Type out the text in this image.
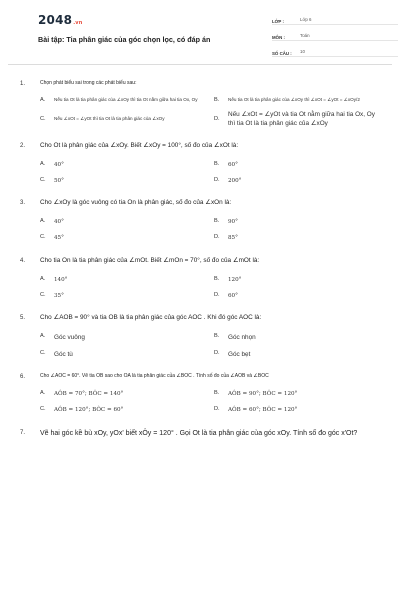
2048.vn
Bài tập: Tia phân giác của góc chọn lọc, có đáp án
LỚP :	Lớp 6
MÔN :	Toán
SỐ CÂU :	10
1.	Chọn phát biểu sai trong các phát biểu sau:
A.	Nếu tia Ot là tia phân giác của ∠xOy thì tia Ot nằm giữa hai tia Ox, Oy	B.	Nếu tia Ot là tia phân giác của ∠xOy thì ∠xOt = ∠yOt = ∠xOy/2
C.	Nếu ∠xOt = ∠yOt thì tia Ot là tia phân giác của ∠xOy	D.
Nếu ∠xOt = ∠yOt và tia Ot nằm giữa hai tia Ox, Oy thì tia Ot là tia phân giác của ∠xOy
2.	Cho Ot là phân giác của ∠xOy. Biết ∠xOy = 100°, số đo của ∠xOt là:
A.	40°	B.	60°
C.	50°	D.	200°
3.	Cho ∠xOy là góc vuông có tia On là phân giác, số đo của ∠xOn là:
A.	40°	B.	90°
C.	45°	D.	85°
4.	Cho tia On là tia phân giác của ∠mOt. Biết ∠mOn = 70°, số đo của ∠mOt là:
A.	140°	B.	120°
C.	35°	D.	60°
5.	Cho ∠AOB = 90° và tia OB là tia phân giác của góc AOC . Khi đó góc AOC là:
A.	Góc vuông	B.	Góc nhọn
C.	Góc tù	D.	Góc bẹt
6.	Cho ∠AOC = 60°. Vẽ tia OB sao cho OA là tia phân giác của ∠BOC . Tính số đo của ∠AOB và ∠BOC
A.	AÔB = 70°; BÔC = 140°	B.	AÔB = 90°; BÔC = 120°
C.	AÔB = 120°; BÔC = 60°	D.	AÔB = 60°; BÔC = 120°
7.	Vẽ hai góc kề bù xOy, yOx' biết xÔy = 120° . Gọi Ot là tia phân giác của góc xOy. Tính số đo góc x'Ot?
